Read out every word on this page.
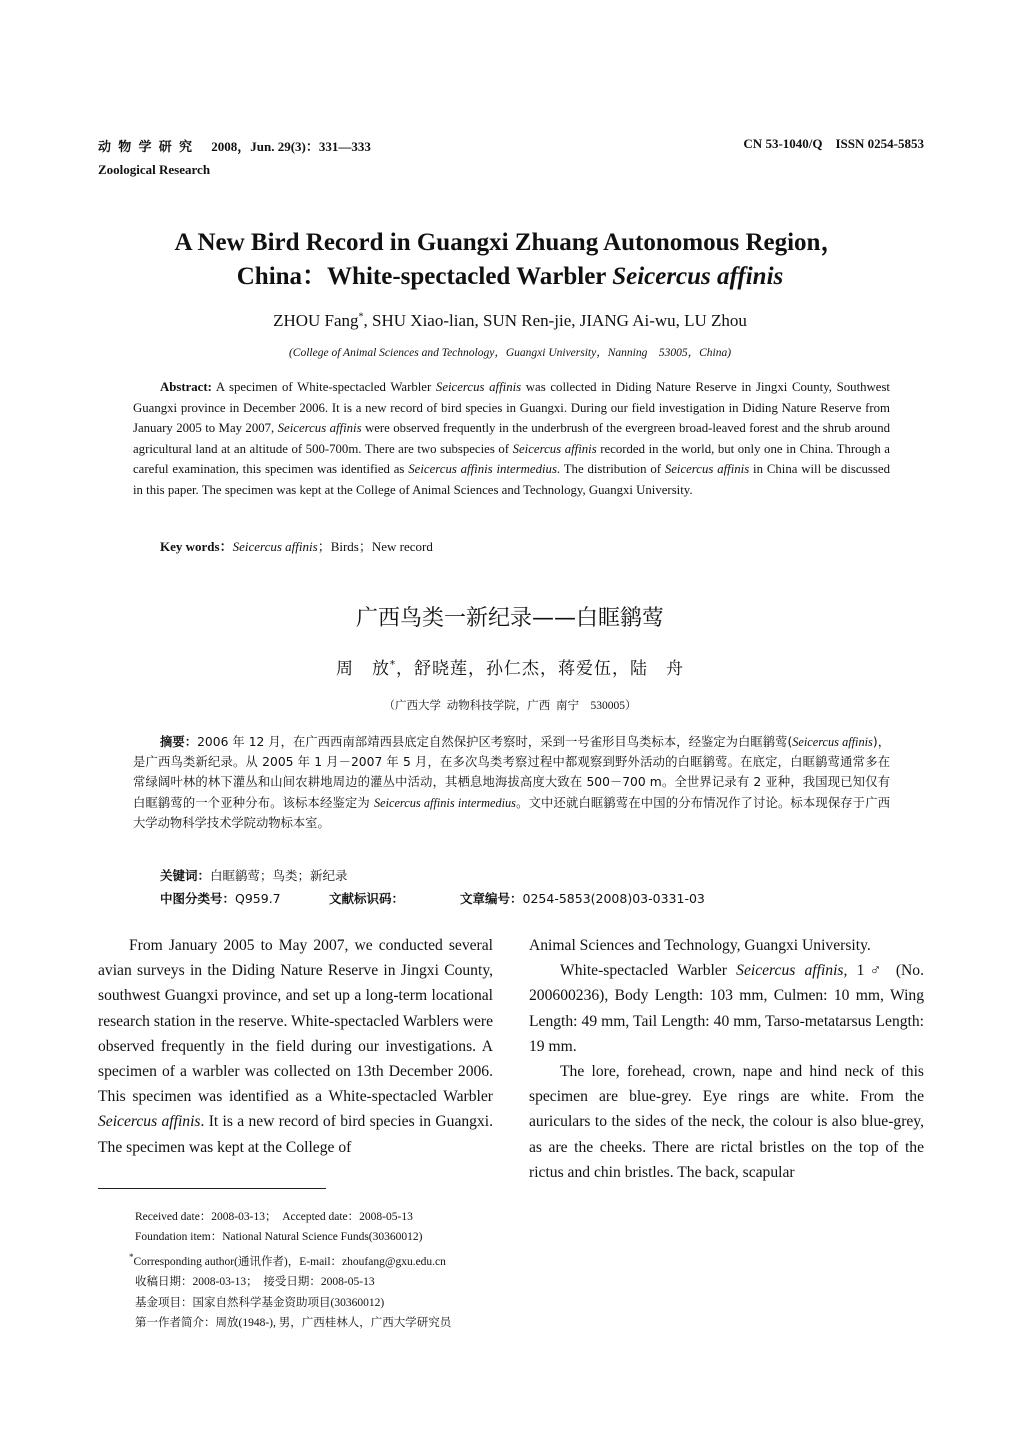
动 物 学 研 究 2008，Jun. 29(3)：331—333	CN 53-1040/Q    ISSN 0254-5853
Zoological Research
A New Bird Record in Guangxi Zhuang Autonomous Region，
China：White-spectacled Warbler Seicercus affinis
ZHOU Fang*, SHU Xiao-lian, SUN Ren-jie, JIANG Ai-wu, LU Zhou
(College of Animal Sciences and Technology，Guangxi University，Nanning　53005，China)
Abstract: A specimen of White-spectacled Warbler Seicercus affinis was collected in Diding Nature Reserve in Jingxi County, Southwest Guangxi province in December 2006. It is a new record of bird species in Guangxi. During our field investigation in Diding Nature Reserve from January 2005 to May 2007, Seicercus affinis were observed frequently in the underbrush of the evergreen broad-leaved forest and the shrub around agricultural land at an altitude of 500-700m. There are two subspecies of Seicercus affinis recorded in the world, but only one in China. Through a careful examination, this specimen was identified as Seicercus affinis intermedius. The distribution of Seicercus affinis in China will be discussed in this paper. The specimen was kept at the College of Animal Sciences and Technology, Guangxi University.
Key words：Seicercus affinis；Birds；New record
广西鸟类一新纪录——白眶鹟莺
周　放*，舒晓莲，孙仁杰，蒋爱伍，陆　舟
（广西大学  动物科技学院，广西  南宁　530005）
摘要：2006 年 12 月，在广西西南部靖西县底定自然保护区考察时，采到一号雀形目鸟类标本，经鉴定为白眶鹟莺(Seicercus affinis)，是广西鸟类新纪录。从 2005 年 1 月－2007 年 5 月，在多次鸟类考察过程中都观察到野外活动的白眶鹟莺。在底定，白眶鹟莺通常多在常绿阔叶林的林下灌丛和山间农耕地周边的灌丛中活动，其栖息地海拔高度大致在 500－700 m。全世界记录有 2 亚种，我国现已知仅有白眶鹟莺的一个亚种分布。该标本经鉴定为 Seicercus affinis intermedius。文中还就白眶鹟莺在中国的分布情况作了讨论。标本现保存于广西大学动物科学技术学院动物标本室。
关键词：白眶鹟莺；鸟类；新纪录
中图分类号：Q959.7	文献标识码：	文章编号：0254-5853(2008)03-0331-03

From January 2005 to May 2007, we conducted several avian surveys in the Diding Nature Reserve in Jingxi County, southwest Guangxi province, and set up a long-term locational research station in the reserve. White-spectacled Warblers were observed frequently in the field during our investigations. A specimen of a warbler was collected on 13th December 2006. This specimen was identified as a White-spectacled Warbler Seicercus affinis. It is a new record of bird species in Guangxi. The specimen was kept at the College of

Animal Sciences and Technology, Guangxi University.

White-spectacled Warbler Seicercus affinis, 1♂ (No. 200600236), Body Length: 103 mm, Culmen: 10 mm, Wing Length: 49 mm, Tail Length: 40 mm, Tarso-metatarsus Length: 19 mm.

The lore, forehead, crown, nape and hind neck of this specimen are blue-grey. Eye rings are white. From the auriculars to the sides of the neck, the colour is also blue-grey, as are the cheeks. There are rictal bristles on the top of the rictus and chin bristles. The back, scapular

Received date：2008-03-13；　Accepted date：2008-05-13
Foundation item：National Natural Science Funds(30360012)
*Corresponding author(通讯作者)，E-mail：zhoufang@gxu.edu.cn
收稿日期：2008-03-13；　接受日期：2008-05-13
基金项目：国家自然科学基金资助项目(30360012)
第一作者简介：周放(1948-), 男，广西桂林人，广西大学研究员
